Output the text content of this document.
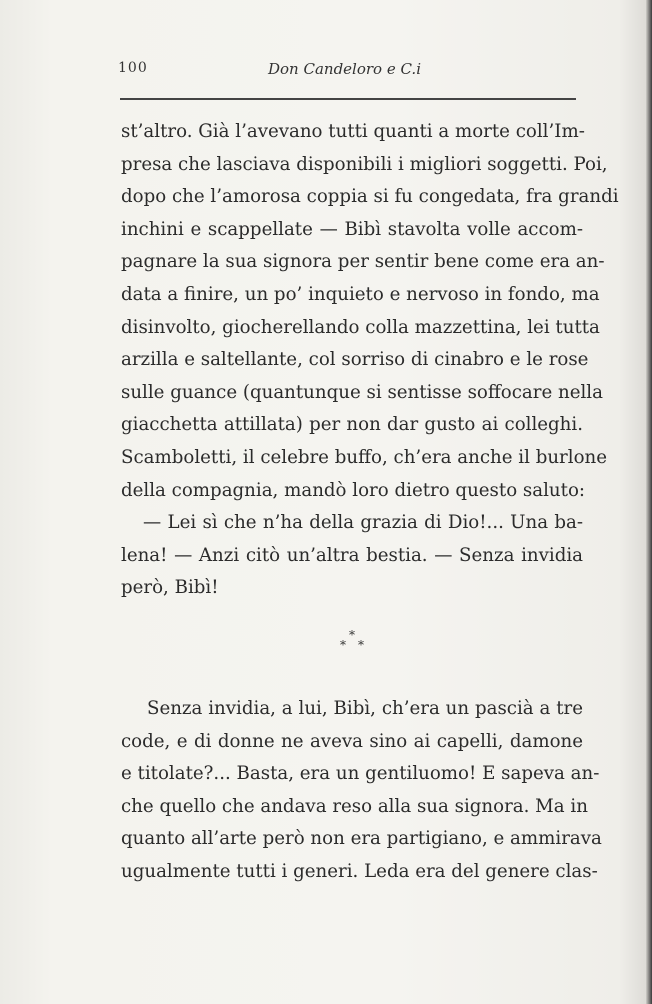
100	Don Candeloro e C.i
st’altro. Già l’avevano tutti quanti a morte coll’Im-
presa che lasciava disponibili i migliori soggetti. Poi,
dopo che l’amorosa coppia si fu congedata, fra grandi
inchini e scappellate — Bibì stavolta volle accom-
pagnare la sua signora per sentir bene come era an-
data a finire, un po’ inquieto e nervoso in fondo, ma
disinvolto, giocherellando colla mazzettina, lei tutta
arzilla e saltellante, col sorriso di cinabro e le rose
sulle guance (quantunque si sentisse soffocare nella
giacchetta attillata) per non dar gusto ai colleghi.
Scamboletti, il celebre buffo, ch’era anche il burlone
della compagnia, mandò loro dietro questo saluto:
— Lei sì che n’ha della grazia di Dio!... Una ba-
lena! — Anzi citò un’altra bestia. — Senza invidia
però, Bibì!
*
* *
Senza invidia, a lui, Bibì, ch’era un pascià a tre
code, e di donne ne aveva sino ai capelli, damone
e titolate?... Basta, era un gentiluomo! E sapeva an-
che quello che andava reso alla sua signora. Ma in
quanto all’arte però non era partigiano, e ammirava
ugualmente tutti i generi. Leda era del genere clas-
